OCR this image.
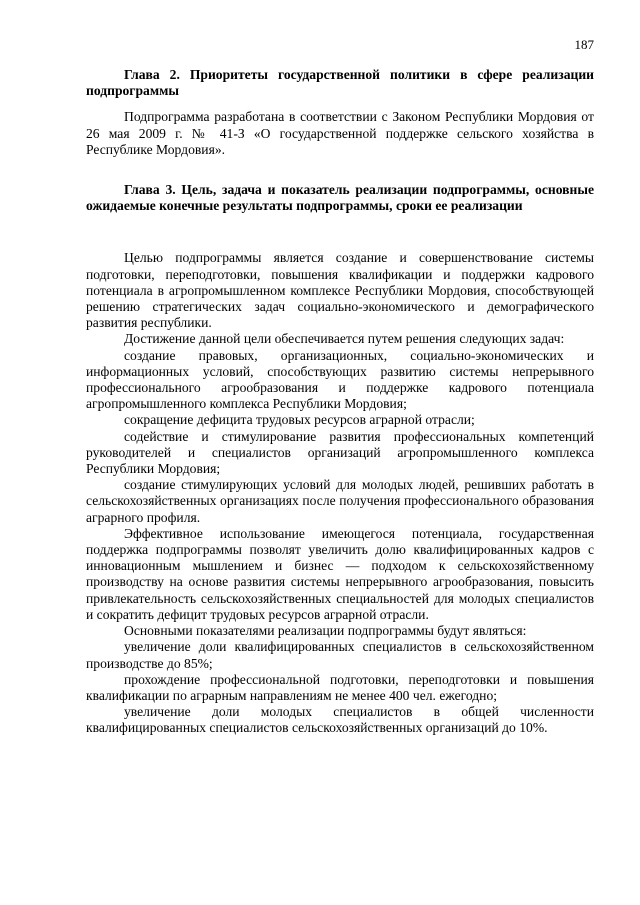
187

Глава 2. Приоритеты государственной политики в сфере реализации подпрограммы

Подпрограмма разработана в соответствии с Законом Республики Мордовия от 26 мая 2009 г. № 41-З «О государственной поддержке сельского хозяйства в Республике Мордовия».

Глава 3. Цель, задача и показатель реализации подпрограммы, основные ожидаемые конечные результаты подпрограммы, сроки ее реализации

Целью подпрограммы является создание и совершенствование системы подготовки, переподготовки, повышения квалификации и поддержки кадрового потенциала в агропромышленном комплексе Республики Мордовия, способствующей решению стратегических задач социально-экономического и демографического развития республики.

Достижение данной цели обеспечивается путем решения следующих задач:

создание правовых, организационных, социально-экономических и информационных условий, способствующих развитию системы непрерывного профессионального агрообразования и поддержке кадрового потенциала агропромышленного комплекса Республики Мордовия;

сокращение дефицита трудовых ресурсов аграрной отрасли;

содействие и стимулирование развития профессиональных компетенций руководителей и специалистов организаций агропромышленного комплекса Республики Мордовия;

создание стимулирующих условий для молодых людей, решивших работать в сельскохозяйственных организациях после получения профессионального образования аграрного профиля.

Эффективное использование имеющегося потенциала, государственная поддержка подпрограммы позволят увеличить долю квалифицированных кадров с инновационным мышлением и бизнес — подходом к сельскохозяйственному производству на основе развития системы непрерывного агрообразования, повысить привлекательность сельскохозяйственных специальностей для молодых специалистов и сократить дефицит трудовых ресурсов аграрной отрасли.

Основными показателями реализации подпрограммы будут являться:

увеличение доли квалифицированных специалистов в сельскохозяйственном производстве до 85%;

прохождение профессиональной подготовки, переподготовки и повышения квалификации по аграрным направлениям не менее 400 чел. ежегодно;

увеличение доли молодых специалистов в общей численности квалифицированных специалистов сельскохозяйственных организаций до 10%.
